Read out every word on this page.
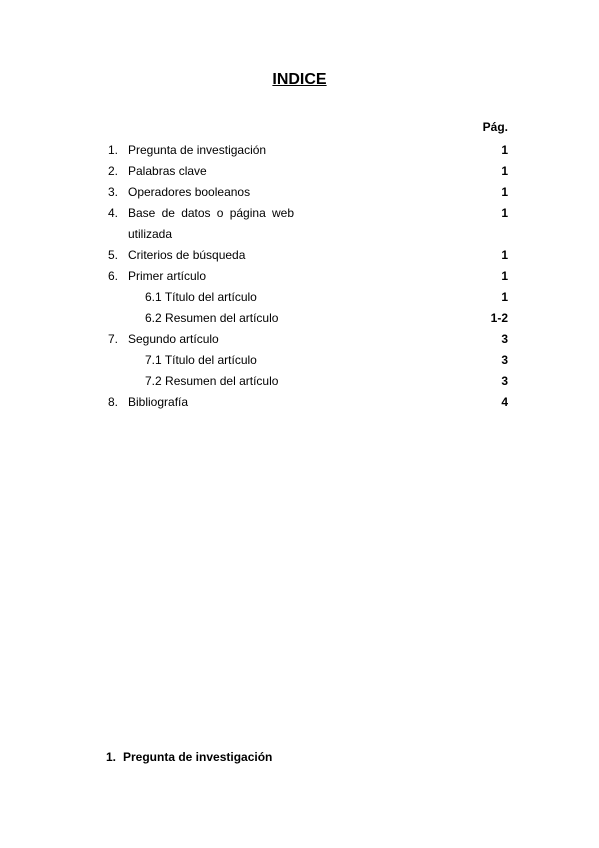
INDICE
Pág.
1. Pregunta de investigación	1
2. Palabras clave	1
3. Operadores booleanos	1
4. Base de datos o página web	1
utilizada
5. Criterios de búsqueda	1
6. Primer artículo	1
6.1 Título del artículo	1
6.2 Resumen del artículo	1-2
7. Segundo artículo	3
7.1 Título del artículo	3
7.2 Resumen del artículo	3
8. Bibliografía	4
1. Pregunta de investigación
